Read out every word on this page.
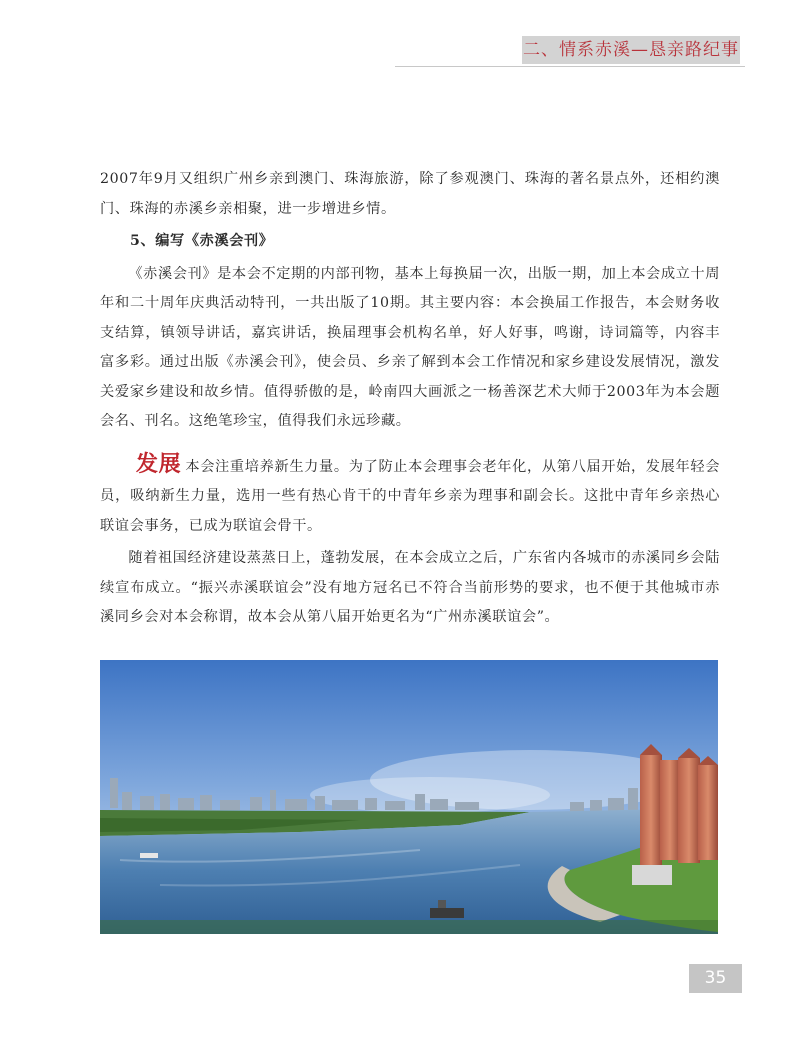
二、情系赤溪—恳亲路纪事

2007年9月又组织广州乡亲到澳门、珠海旅游，除了参观澳门、珠海的著名景点外，还相约澳门、珠海的赤溪乡亲相聚，进一步增进乡情。

5、编写《赤溪会刊》

《赤溪会刊》是本会不定期的内部刊物，基本上每换届一次，出版一期，加上本会成立十周年和二十周年庆典活动特刊，一共出版了10期。其主要内容：本会换届工作报告，本会财务收支结算，镇领导讲话，嘉宾讲话，换届理事会机构名单，好人好事，鸣谢，诗词篇等，内容丰富多彩。通过出版《赤溪会刊》，使会员、乡亲了解到本会工作情况和家乡建设发展情况，激发关爱家乡建设和故乡情。值得骄傲的是，岭南四大画派之一杨善深艺术大师于2003年为本会题会名、刊名。这绝笔珍宝，值得我们永远珍藏。

发展 本会注重培养新生力量。为了防止本会理事会老年化，从第八届开始，发展年轻会员，吸纳新生力量，选用一些有热心肯干的中青年乡亲为理事和副会长。这批中青年乡亲热心联谊会事务，已成为联谊会骨干。

随着祖国经济建设蒸蒸日上，蓬勃发展，在本会成立之后，广东省内各城市的赤溪同乡会陆续宣布成立。“振兴赤溪联谊会”没有地方冠名已不符合当前形势的要求，也不便于其他城市赤溪同乡会对本会称谓，故本会从第八届开始更名为“广州赤溪联谊会”。

35
